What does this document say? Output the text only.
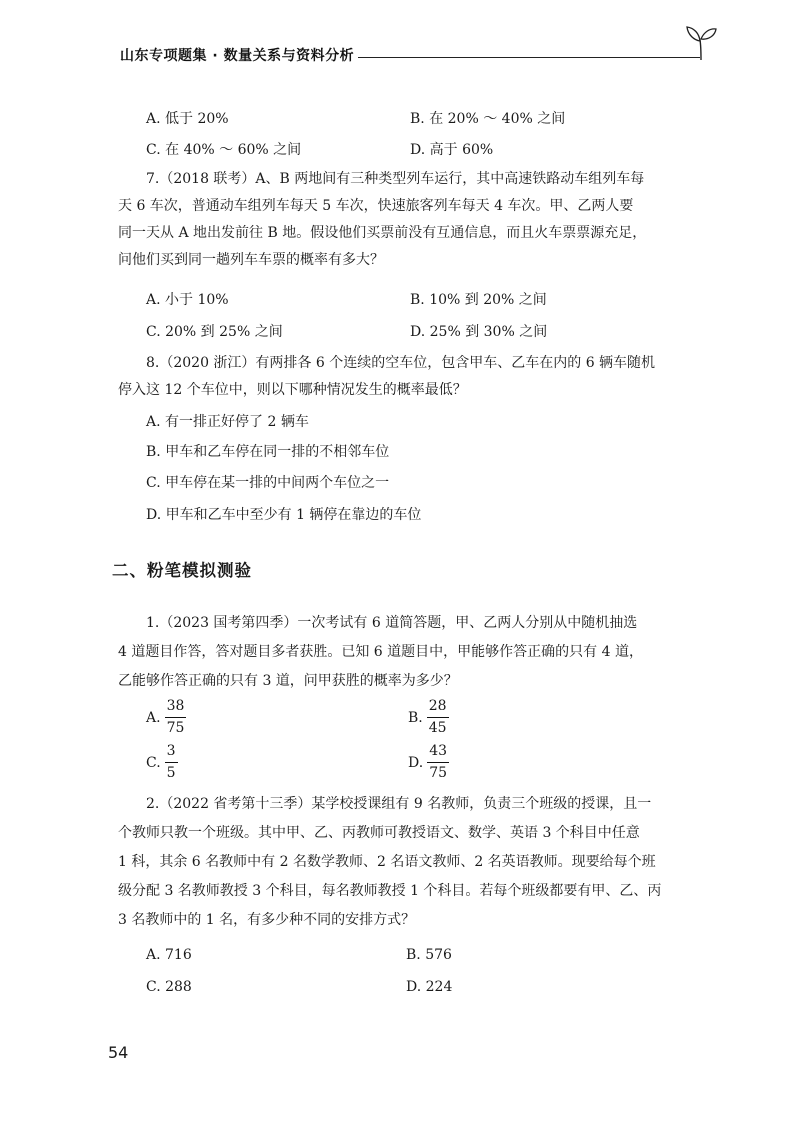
山东专项题集 · 数量关系与资料分析
A. 低于 20%	B. 在 20% ～ 40% 之间
C. 在 40% ～ 60% 之间	D. 高于 60%
7.（2018 联考）A、B 两地间有三种类型列车运行，其中高速铁路动车组列车每
天 6 车次，普通动车组列车每天 5 车次，快速旅客列车每天 4 车次。甲、乙两人要
同一天从 A 地出发前往 B 地。假设他们买票前没有互通信息，而且火车票票源充足，
问他们买到同一趟列车车票的概率有多大？
A. 小于 10%	B. 10% 到 20% 之间
C. 20% 到 25% 之间	D. 25% 到 30% 之间
8.（2020 浙江）有两排各 6 个连续的空车位，包含甲车、乙车在内的 6 辆车随机
停入这 12 个车位中，则以下哪种情况发生的概率最低？
A. 有一排正好停了 2 辆车
B. 甲车和乙车停在同一排的不相邻车位
C. 甲车停在某一排的中间两个车位之一
D. 甲车和乙车中至少有 1 辆停在靠边的车位
二、粉笔模拟测验
1.（2023 国考第四季）一次考试有 6 道简答题，甲、乙两人分别从中随机抽选
4 道题目作答，答对题目多者获胜。已知 6 道题目中，甲能够作答正确的只有 4 道，
乙能够作答正确的只有 3 道，问甲获胜的概率为多少？
A. $\frac{38}{75}$	B. $\frac{28}{45}$
C. $\frac{3}{5}$	D. $\frac{43}{75}$
2.（2022 省考第十三季）某学校授课组有 9 名教师，负责三个班级的授课，且一
个教师只教一个班级。其中甲、乙、丙教师可教授语文、数学、英语 3 个科目中任意
1 科，其余 6 名教师中有 2 名数学教师、2 名语文教师、2 名英语教师。现要给每个班
级分配 3 名教师教授 3 个科目，每名教师教授 1 个科目。若每个班级都要有甲、乙、丙
3 名教师中的 1 名，有多少种不同的安排方式？
A. 716	B. 576
C. 288	D. 224
54
